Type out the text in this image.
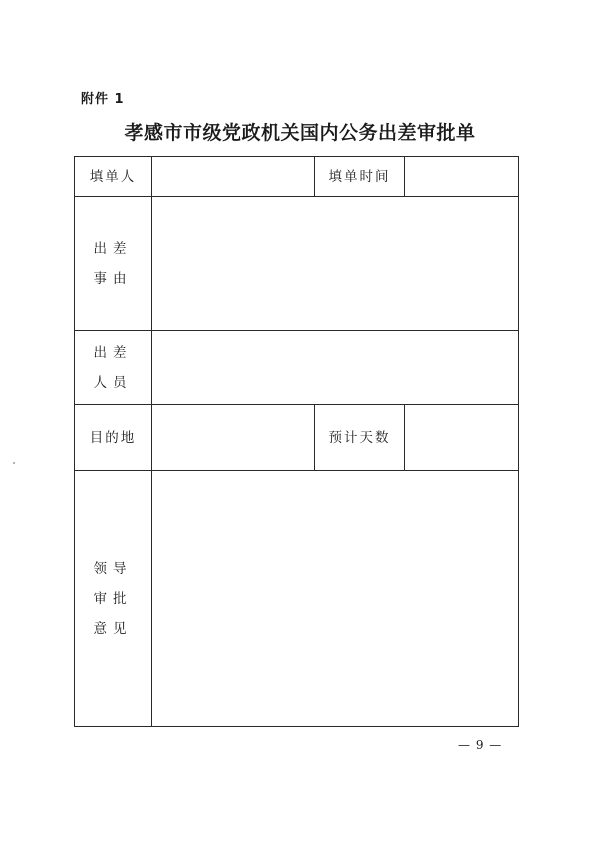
附件 1
孝感市市级党政机关国内公务出差审批单
填单人		填单时间	

出差
事由			

出差
人员			

目的地		预计天数	

领导
审批
意见			

— 9 —
